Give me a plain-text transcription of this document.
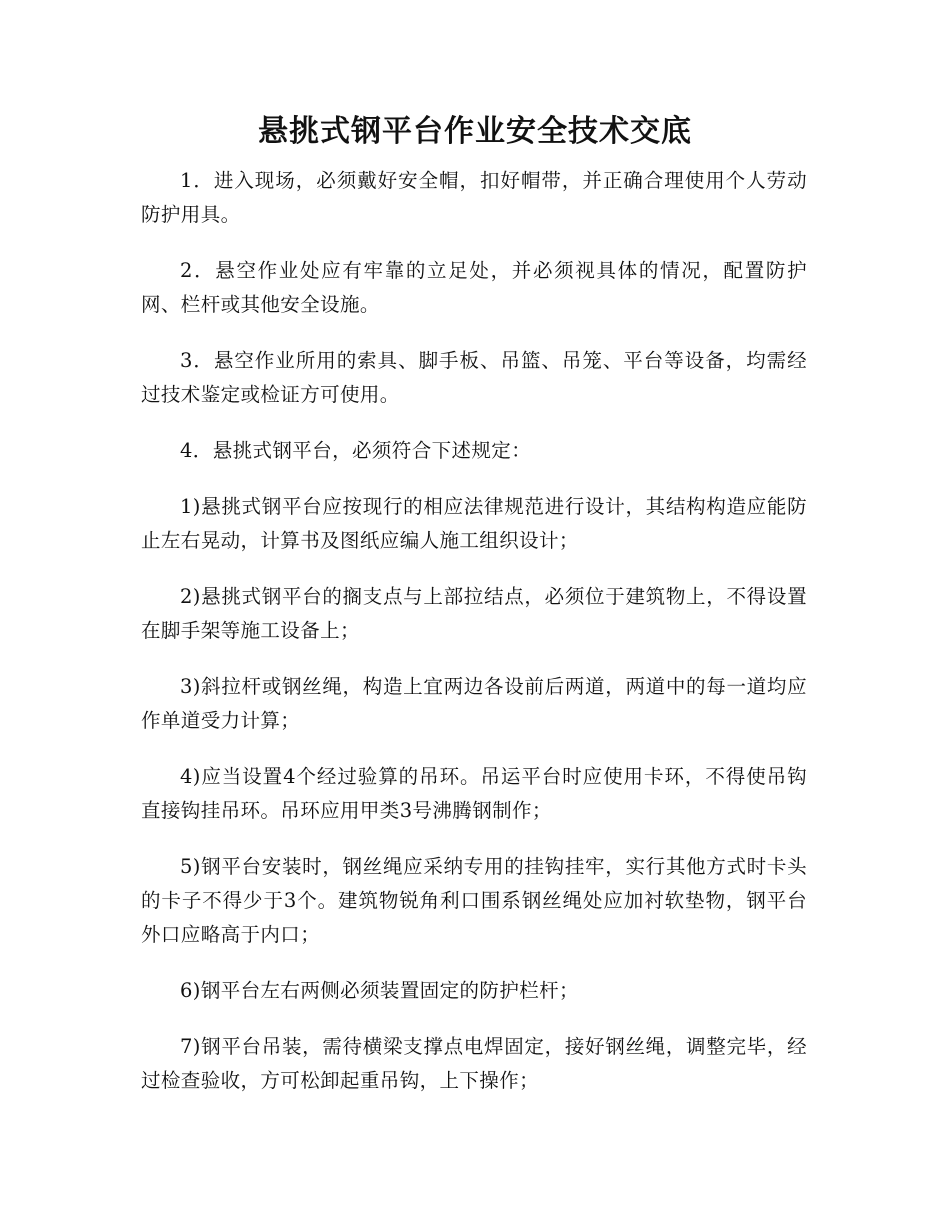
悬挑式钢平台作业安全技术交底

1．进入现场，必须戴好安全帽，扣好帽带，并正确合理使用个人劳动防护用具。

2．悬空作业处应有牢靠的立足处，并必须视具体的情况，配置防护网、栏杆或其他安全设施。

3．悬空作业所用的索具、脚手板、吊篮、吊笼、平台等设备，均需经过技术鉴定或检证方可使用。

4．悬挑式钢平台，必须符合下述规定：

1)悬挑式钢平台应按现行的相应法律规范进行设计，其结构构造应能防止左右晃动，计算书及图纸应编人施工组织设计；

2)悬挑式钢平台的搁支点与上部拉结点，必须位于建筑物上，不得设置在脚手架等施工设备上；

3)斜拉杆或钢丝绳，构造上宜两边各设前后两道，两道中的每一道均应作单道受力计算；

4)应当设置4个经过验算的吊环。吊运平台时应使用卡环，不得使吊钩直接钩挂吊环。吊环应用甲类3号沸腾钢制作；

5)钢平台安装时，钢丝绳应采纳专用的挂钩挂牢，实行其他方式时卡头的卡子不得少于3个。建筑物锐角利口围系钢丝绳处应加衬软垫物，钢平台外口应略高于内口；

6)钢平台左右两侧必须装置固定的防护栏杆；

7)钢平台吊装，需待横梁支撑点电焊固定，接好钢丝绳，调整完毕，经过检查验收，方可松卸起重吊钩，上下操作；
